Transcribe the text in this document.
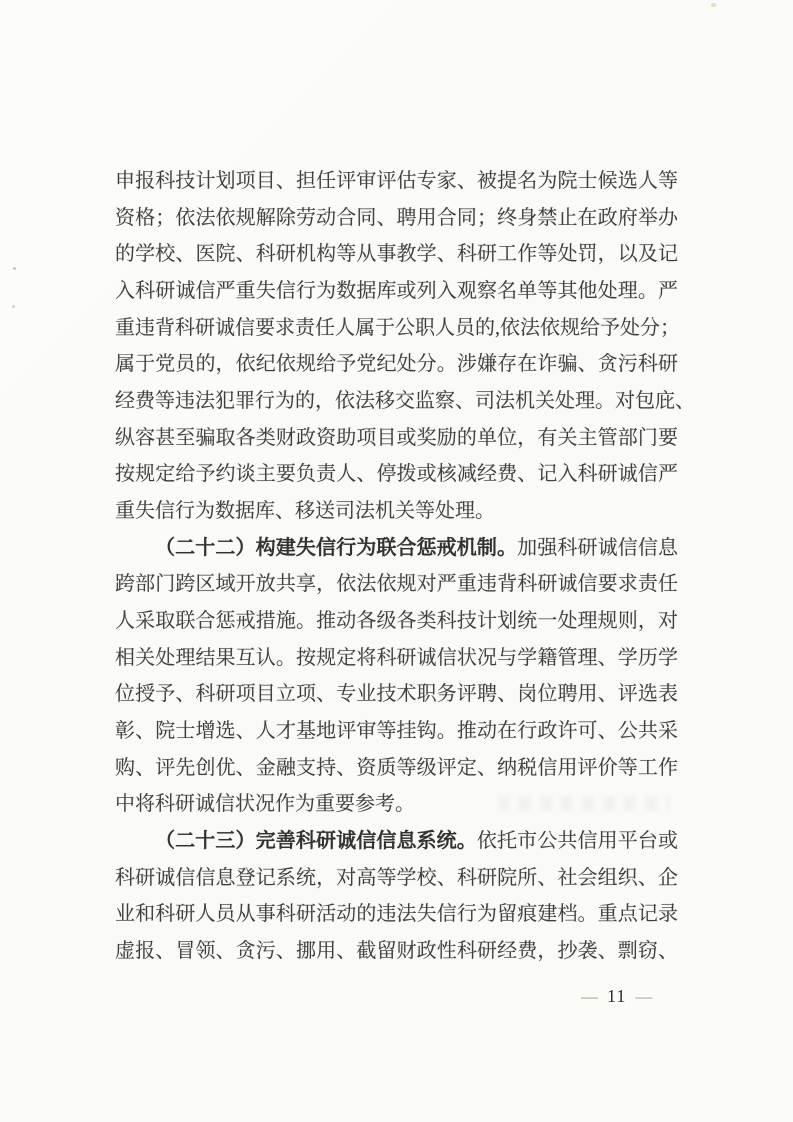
申报科技计划项目、担任评审评估专家、被提名为院士候选人等
资格；依法依规解除劳动合同、聘用合同；终身禁止在政府举办
的学校、医院、科研机构等从事教学、科研工作等处罚，以及记
入科研诚信严重失信行为数据库或列入观察名单等其他处理。严
重违背科研诚信要求责任人属于公职人员的,依法依规给予处分；
属于党员的，依纪依规给予党纪处分。涉嫌存在诈骗、贪污科研
经费等违法犯罪行为的，依法移交监察、司法机关处理。对包庇、
纵容甚至骗取各类财政资助项目或奖励的单位，有关主管部门要
按规定给予约谈主要负责人、停拨或核减经费、记入科研诚信严
重失信行为数据库、移送司法机关等处理。
（二十二）构建失信行为联合惩戒机制。加强科研诚信信息
跨部门跨区域开放共享，依法依规对严重违背科研诚信要求责任
人采取联合惩戒措施。推动各级各类科技计划统一处理规则，对
相关处理结果互认。按规定将科研诚信状况与学籍管理、学历学
位授予、科研项目立项、专业技术职务评聘、岗位聘用、评选表
彰、院士增选、人才基地评审等挂钩。推动在行政许可、公共采
购、评先创优、金融支持、资质等级评定、纳税信用评价等工作
中将科研诚信状况作为重要参考。
（二十三）完善科研诚信信息系统。依托市公共信用平台或
科研诚信信息登记系统，对高等学校、科研院所、社会组织、企
业和科研人员从事科研活动的违法失信行为留痕建档。重点记录
虚报、冒领、贪污、挪用、截留财政性科研经费，抄袭、剽窃、
— 11 —
